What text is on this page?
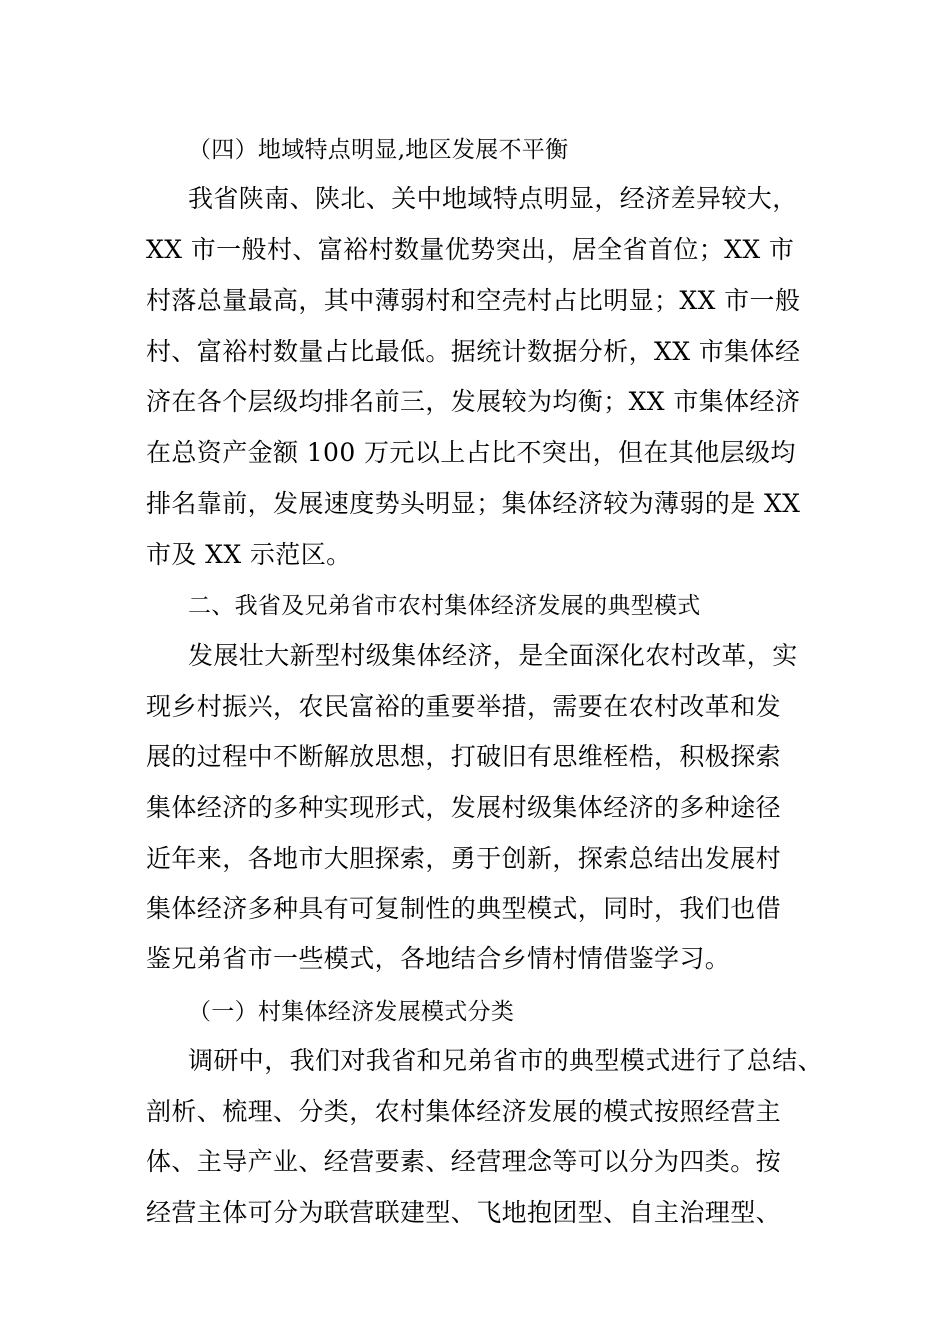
（四）地域特点明显,地区发展不平衡
我省陕南、陕北、关中地域特点明显，经济差异较大，
XX 市一般村、富裕村数量优势突出，居全省首位；XX 市
村落总量最高，其中薄弱村和空壳村占比明显；XX 市一般
村、富裕村数量占比最低。据统计数据分析，XX 市集体经
济在各个层级均排名前三，发展较为均衡；XX 市集体经济
在总资产金额 100 万元以上占比不突出，但在其他层级均
排名靠前，发展速度势头明显；集体经济较为薄弱的是 XX
市及 XX 示范区。
二、我省及兄弟省市农村集体经济发展的典型模式
发展壮大新型村级集体经济，是全面深化农村改革，实
现乡村振兴，农民富裕的重要举措，需要在农村改革和发
展的过程中不断解放思想，打破旧有思维桎梏，积极探索
集体经济的多种实现形式，发展村级集体经济的多种途径
近年来，各地市大胆探索，勇于创新，探索总结出发展村
集体经济多种具有可复制性的典型模式，同时，我们也借
鉴兄弟省市一些模式，各地结合乡情村情借鉴学习。
（一）村集体经济发展模式分类
调研中，我们对我省和兄弟省市的典型模式进行了总结、
剖析、梳理、分类，农村集体经济发展的模式按照经营主
体、主导产业、经营要素、经营理念等可以分为四类。按
经营主体可分为联营联建型、飞地抱团型、自主治理型、
